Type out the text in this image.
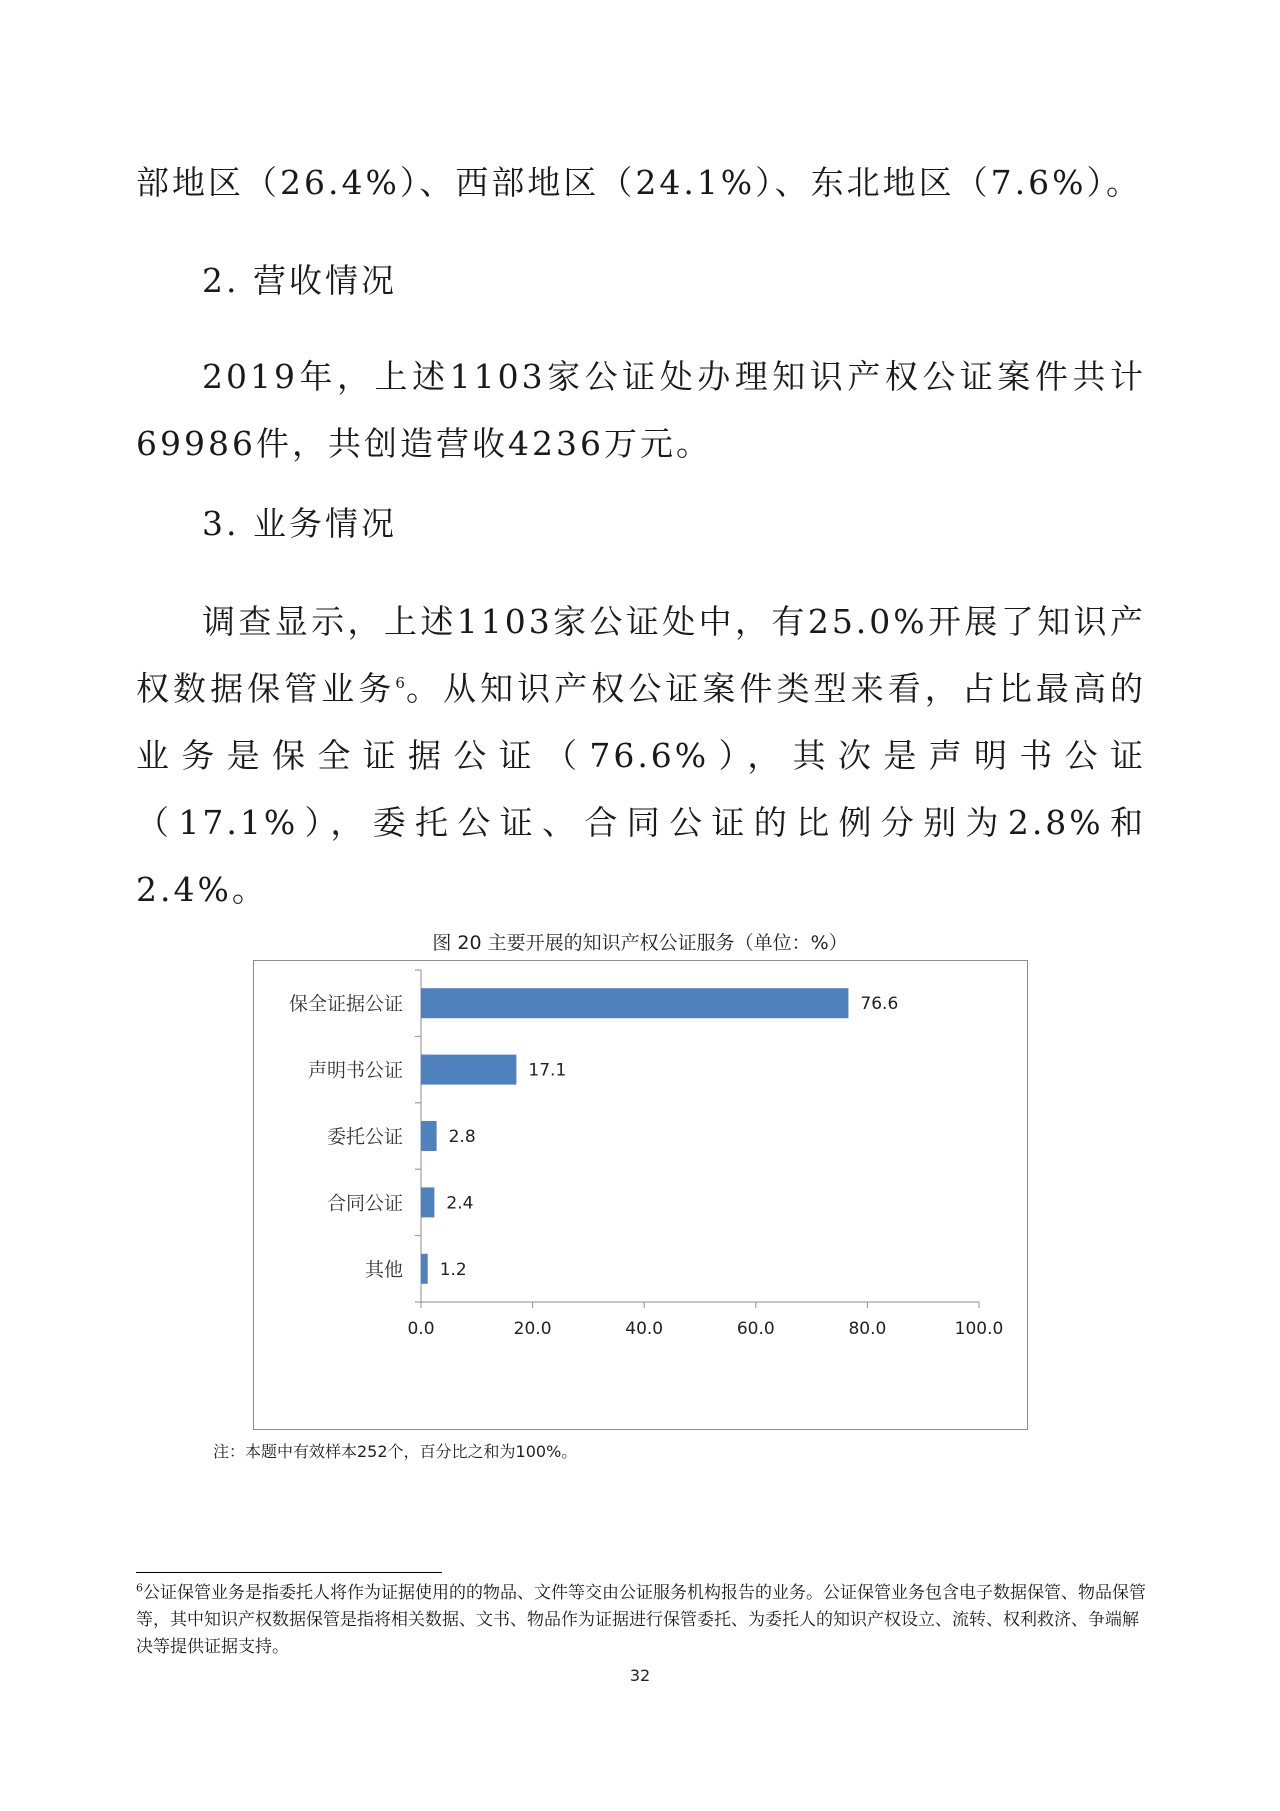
部地区（26.4%）、西部地区（24.1%）、东北地区（7.6%）。

2. 营收情况

2019年，上述1103家公证处办理知识产权公证案件共计69986件，共创造营收4236万元。

3. 业务情况

调查显示，上述1103家公证处中，有25.0%开展了知识产权数据保管业务$^6$。从知识产权公证案件类型来看，占比最高的业务是保全证据公证（76.6%），其次是声明书公证（17.1%），委托公证、合同公证的比例分别为2.8%和2.4%。

图 20 主要开展的知识产权公证服务（单位：%）

0.0	20.0	40.0	60.0	80.0	100.0
保全证据公证	76.6
声明书公证	17.1
委托公证	2.8
合同公证	2.4
其他 1.2

注：本题中有效样本252个，百分比之和为100%。

$^6$公证保管业务是指委托人将作为证据使用的的物品、文件等交由公证服务机构报告的业务。公证保管业务包含电子数据保管、物品保管等，其中知识产权数据保管是指将相关数据、文书、物品作为证据进行保管委托、为委托人的知识产权设立、流转、权利救济、争端解决等提供证据支持。

32
